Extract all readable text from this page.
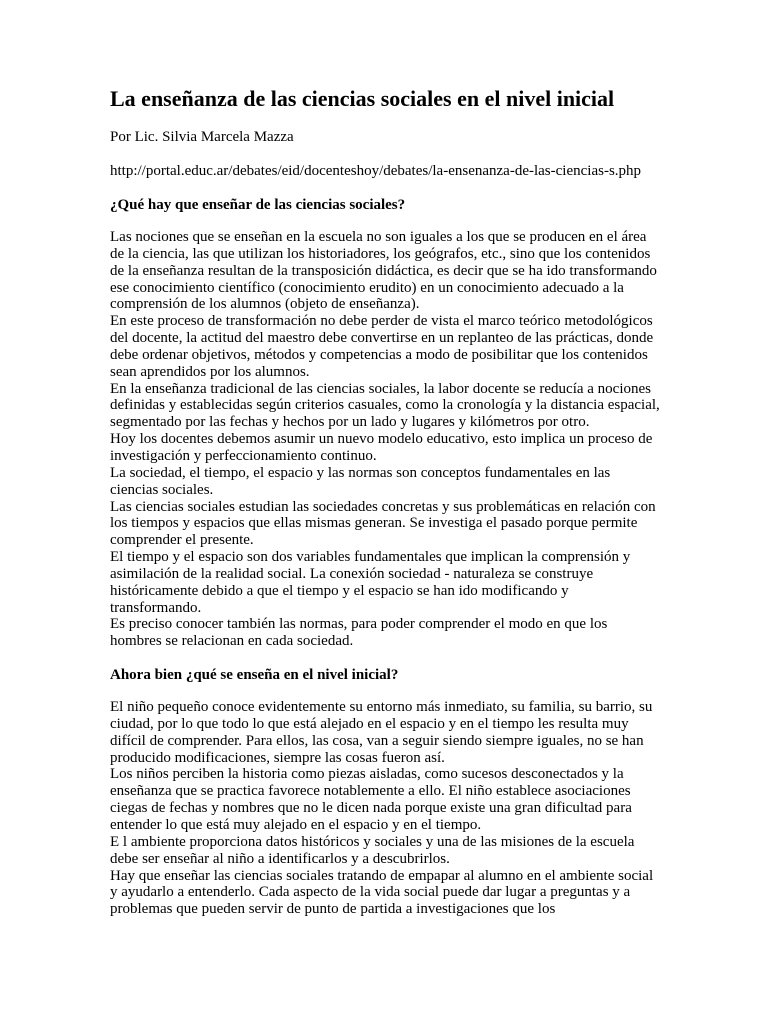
La enseñanza de las ciencias sociales en el nivel inicial

Por Lic. Silvia Marcela Mazza

http://portal.educ.ar/debates/eid/docenteshoy/debates/la-ensenanza-de-las-ciencias-s.php

¿Qué hay que enseñar de las ciencias sociales?

Las nociones que se enseñan en la escuela no son iguales a los que se producen en el área de la ciencia, las que utilizan los historiadores, los geógrafos, etc., sino que los contenidos de la enseñanza resultan de la transposición didáctica, es decir que se ha ido transformando ese conocimiento científico (conocimiento erudito) en un conocimiento adecuado a la comprensión de los alumnos (objeto de enseñanza).

En este proceso de transformación no debe perder de vista el marco teórico metodológicos del docente, la actitud del maestro debe convertirse en un replanteo de las prácticas, donde debe ordenar objetivos, métodos y competencias a modo de posibilitar que los contenidos sean aprendidos por los alumnos.

En la enseñanza tradicional de las ciencias sociales, la labor docente se reducía a nociones definidas y establecidas según criterios casuales, como la cronología y la distancia espacial, segmentado por las fechas y hechos por un lado y lugares y kilómetros por otro.

Hoy los docentes debemos asumir un nuevo modelo educativo, esto implica un proceso de investigación y perfeccionamiento continuo.

La sociedad, el tiempo, el espacio y las normas son conceptos fundamentales en las ciencias sociales.

Las ciencias sociales estudian las sociedades concretas y sus problemáticas en relación con los tiempos y espacios que ellas mismas generan. Se investiga el pasado porque permite comprender el presente.

El tiempo y el espacio son dos variables fundamentales que implican la comprensión y asimilación de la realidad social. La conexión sociedad - naturaleza se construye históricamente debido a que el tiempo y el espacio se han ido modificando y transformando.

Es preciso conocer también las normas, para poder comprender el modo en que los hombres se relacionan en cada sociedad.

Ahora bien ¿qué se enseña en el nivel inicial?

El niño pequeño conoce evidentemente su entorno más inmediato, su familia, su barrio, su ciudad, por lo que todo lo que está alejado en el espacio y en el tiempo les resulta muy difícil de comprender. Para ellos, las cosa, van a seguir siendo siempre iguales, no se han producido modificaciones, siempre las cosas fueron así.

Los niños perciben la historia como piezas aisladas, como sucesos desconectados y la enseñanza que se practica favorece notablemente a ello. El niño establece asociaciones ciegas de fechas y nombres que no le dicen nada porque existe una gran dificultad para entender lo que está muy alejado en el espacio y en el tiempo.

E l ambiente proporciona datos históricos y sociales y una de las misiones de la escuela debe ser enseñar al niño a identificarlos y a descubrirlos.

Hay que enseñar las ciencias sociales tratando de empapar al alumno en el ambiente social y ayudarlo a entenderlo. Cada aspecto de la vida social puede dar lugar a preguntas y a problemas que pueden servir de punto de partida a investigaciones que los
